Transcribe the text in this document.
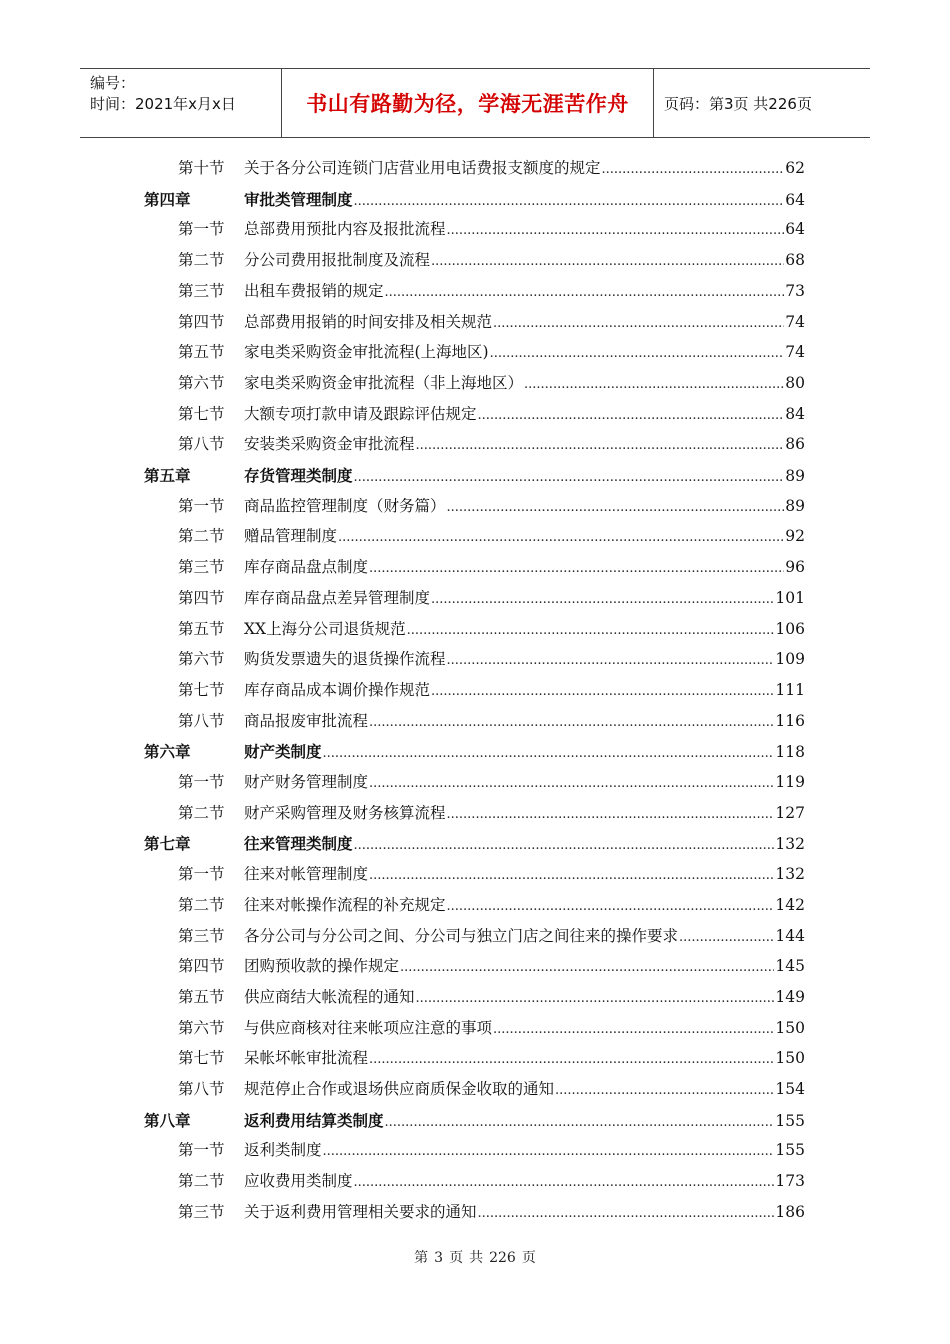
编号：
时间：2021年x月x日	书山有路勤为径，学海无涯苦作舟	页码：第3页 共226页
第十节 关于各分公司连锁门店营业用电话费报支额度的规定 .....	62
第四章	审批类管理制度 .....	64
第一节 总部费用预批内容及报批流程 .....	64
第二节 分公司费用报批制度及流程 .....	68
第三节 出租车费报销的规定 .....	73
第四节 总部费用报销的时间安排及相关规范 .....	74
第五节 家电类采购资金审批流程(上海地区) .....	74
第六节 家电类采购资金审批流程（非上海地区） .....	80
第七节 大额专项打款申请及跟踪评估规定 .....	84
第八节 安装类采购资金审批流程 .....	86
第五章	存货管理类制度 .....	89
第一节 商品监控管理制度（财务篇） .....	89
第二节 赠品管理制度 .....	92
第三节 库存商品盘点制度 .....	96
第四节 库存商品盘点差异管理制度 .....	101
第五节 XX上海分公司退货规范 .....	106
第六节 购货发票遗失的退货操作流程 .....	109
第七节 库存商品成本调价操作规范 .....	111
第八节 商品报废审批流程 .....	116
第六章	财产类制度 .....	118
第一节 财产财务管理制度 .....	119
第二节 财产采购管理及财务核算流程 .....	127
第七章	往来管理类制度 .....	132
第一节 往来对帐管理制度 .....	132
第二节 往来对帐操作流程的补充规定 .....	142
第三节 各分公司与分公司之间、分公司与独立门店之间往来的操作要求 .....	144
第四节 团购预收款的操作规定 .....	145
第五节 供应商结大帐流程的通知 .....	149
第六节 与供应商核对往来帐项应注意的事项 .....	150
第七节 呆帐坏帐审批流程 .....	150
第八节 规范停止合作或退场供应商质保金收取的通知 .....	154
第八章	返利费用结算类制度 .....	155
第一节 返利类制度 .....	155
第二节 应收费用类制度 .....	173
第三节 关于返利费用管理相关要求的通知 .....	186
第 3 页 共 226 页
